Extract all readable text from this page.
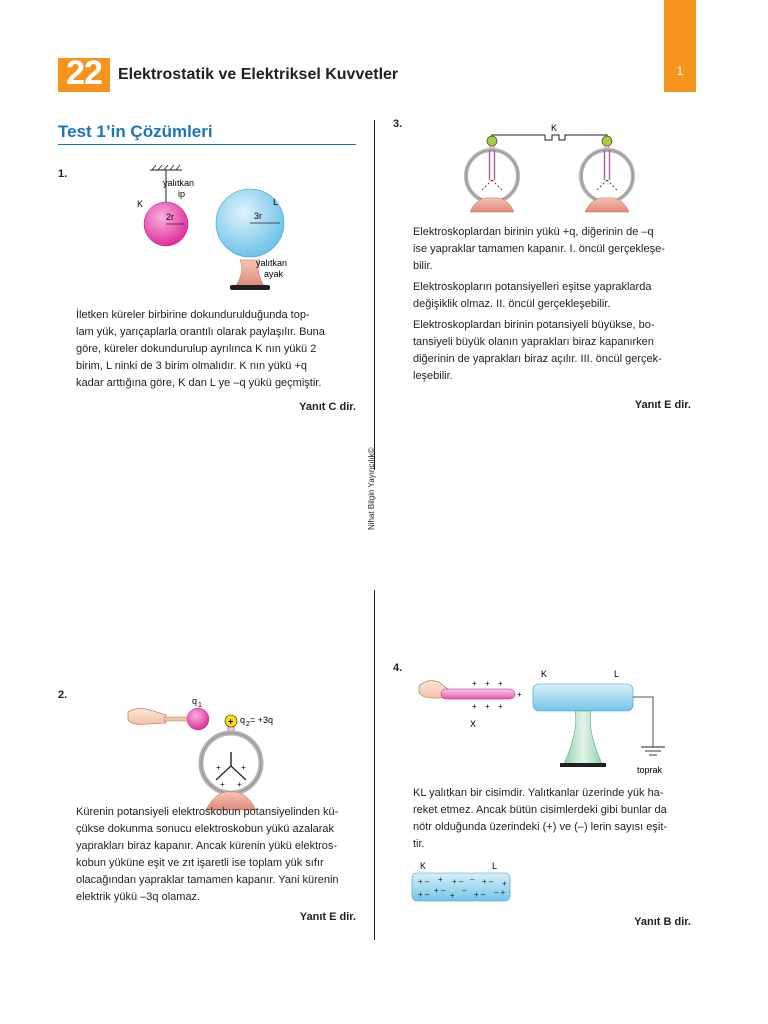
1
22	Elektrostatik ve Elektriksel Kuvvetler
Test 1’in Çözümleri
Nihat Bilgin Yayıncılık©
1.
2r
K
yalıtkan
ip
3r
L
yalıtkan
ayak
İletken küreler birbirine dokundurulduğunda top-
lam yük, yarıçaplarla orantılı olarak paylaşılır. Buna
göre, küreler dokundurulup ayrılınca K nın yükü 2
birim, L ninki de 3 birim olmalıdır. K nın yükü +q
kadar arttığına göre, K dan L ye –q yükü geçmiştir.
Yanıt C dir.
2.	q 1
+ q 2 = +3q
+	+
+ +
Kürenin potansiyeli elektroskobun potansiyelinden kü-
çükse dokunma sonucu elektroskobun yükü azalarak
yaprakları biraz kapanır. Ancak kürenin yükü elektros-
kobun yüküne eşit ve zıt işaretli ise toplam yük sıfır
olacağından yapraklar tamamen kapanır. Yani kürenin
elektrik yükü –3q olamaz.
Yanıt E dir.
3.	K
Elektroskoplardan birinin yükü +q, diğerinin de –q
ise yapraklar tamamen kapanır. I. öncül gerçekleşe-
bilir.
Elektroskopların potansiyelleri eşitse yapraklarda
değişiklik olmaz. II. öncül gerçekleşebilir.
Elektroskoplardan birinin potansiyeli büyükse, bo-
tansiyeli büyük olanın yaprakları biraz kapanırken
diğerinin de yaprakları biraz açılır. III. öncül gerçek-
leşebilir.
Yanıt E dir.
4.
+ + +
+
+ + +
X
K	L
toprak
KL yalıtkan bir cisimdir. Yalıtkanlar üzerinde yük ha-
reket etmez. Ancak bütün cisimlerdeki gibi bunlar da
nötr olduğunda üzerindeki (+) ve (–) lerin sayısı eşit-
tir.
K	L
+ – + + – – + – +
+ – + –
+
– + – – +
Yanıt B dir.
